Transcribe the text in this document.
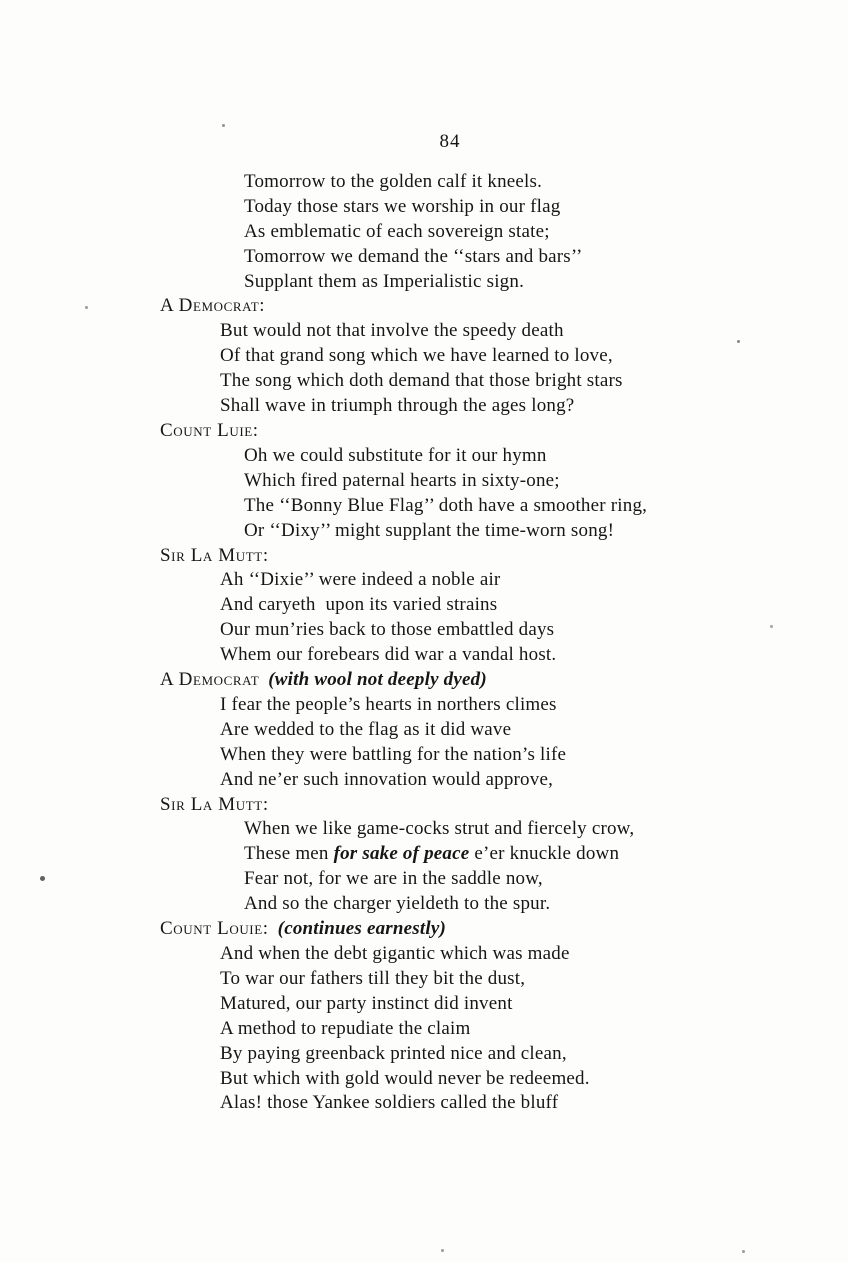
84
Tomorrow to the golden calf it kneels.
Today those stars we worship in our flag
As emblematic of each sovereign state;
Tomorrow we demand the ‘‘stars and bars’’
Supplant them as Imperialistic sign.
A Democrat:
But would not that involve the speedy death
Of that grand song which we have learned to love,
The song which doth demand that those bright stars
Shall wave in triumph through the ages long?
Count Luie:
Oh we could substitute for it our hymn
Which fired paternal hearts in sixty-one;
The ‘‘Bonny Blue Flag’’ doth have a smoother ring,
Or ‘‘Dixy’’ might supplant the time-worn song!
Sir La Mutt:
Ah ‘‘Dixie’’ were indeed a noble air
And caryeth  upon its varied strains
Our mun’ries back to those embattled days
Whem our forebears did war a vandal host.
A Democrat (with wool not deeply dyed)
I fear the people’s hearts in northers climes
Are wedded to the flag as it did wave
When they were battling for the nation’s life
And ne’er such innovation would approve,
Sir La Mutt:
When we like game-cocks strut and fiercely crow,
These men for sake of peace e’er knuckle down
Fear not, for we are in the saddle now,
And so the charger yieldeth to the spur.
Count Louie: (continues earnestly)
And when the debt gigantic which was made
To war our fathers till they bit the dust,
Matured, our party instinct did invent
A method to repudiate the claim
By paying greenback printed nice and clean,
But which with gold would never be redeemed.
Alas! those Yankee soldiers called the bluff
